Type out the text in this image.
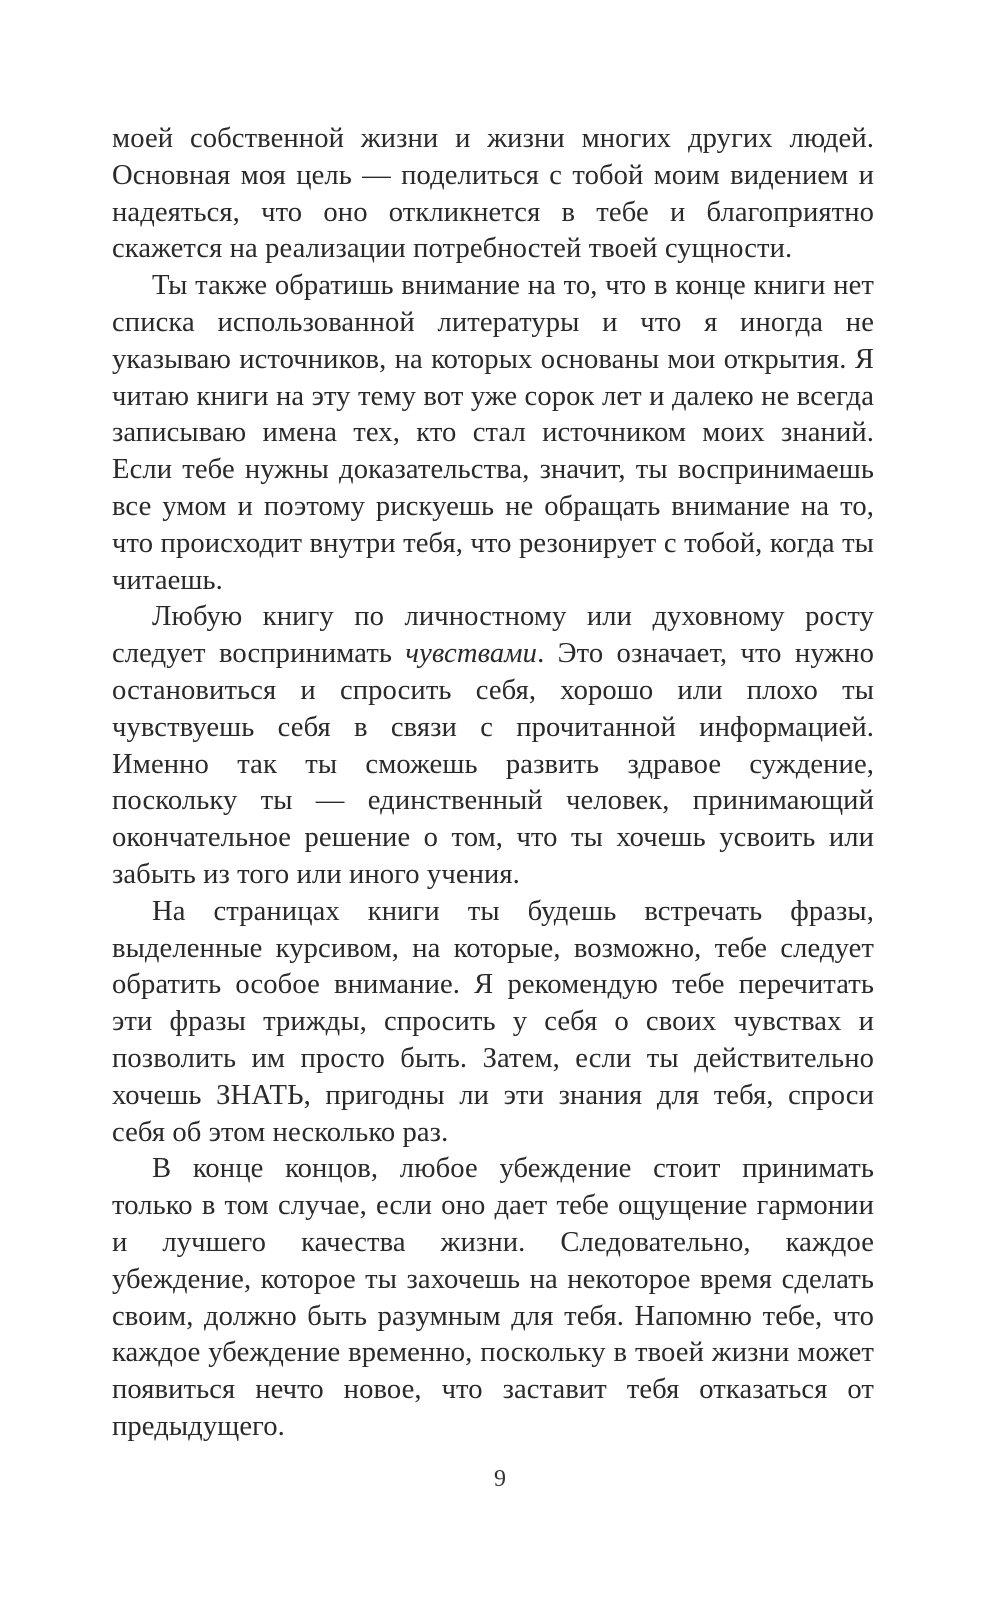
моей собственной жизни и жизни многих других людей. Основная моя цель — поделиться с тобой моим видением и надеяться, что оно откликнется в тебе и благоприятно скажется на реализации потребностей твоей сущности.

Ты также обратишь внимание на то, что в конце книги нет списка использованной литературы и что я иногда не указываю источников, на которых основаны мои открытия. Я читаю книги на эту тему вот уже сорок лет и далеко не всегда записываю имена тех, кто стал источником моих знаний. Если тебе нужны доказательства, значит, ты воспринимаешь все умом и поэтому рискуешь не обращать внимание на то, что происходит внутри тебя, что резонирует с тобой, когда ты читаешь.

Любую книгу по личностному или духовному росту следует воспринимать чувствами. Это означает, что нужно остановиться и спросить себя, хорошо или плохо ты чувствуешь себя в связи с прочитанной информацией. Именно так ты сможешь развить здравое суждение, поскольку ты — единственный человек, принимающий окончательное решение о том, что ты хочешь усвоить или забыть из того или иного учения.

На страницах книги ты будешь встречать фразы, выделенные курсивом, на которые, возможно, тебе следует обратить особое внимание. Я рекомендую тебе перечитать эти фразы трижды, спросить у себя о своих чувствах и позволить им просто быть. Затем, если ты действительно хочешь ЗНАТЬ, пригодны ли эти знания для тебя, спроси себя об этом несколько раз.

В конце концов, любое убеждение стоит принимать только в том случае, если оно дает тебе ощущение гармонии и лучшего качества жизни. Следовательно, каждое убеждение, которое ты захочешь на некоторое время сделать своим, должно быть разумным для тебя. Напомню тебе, что каждое убеждение временно, поскольку в твоей жизни может появиться нечто новое, что заставит тебя отказаться от предыдущего.

9
